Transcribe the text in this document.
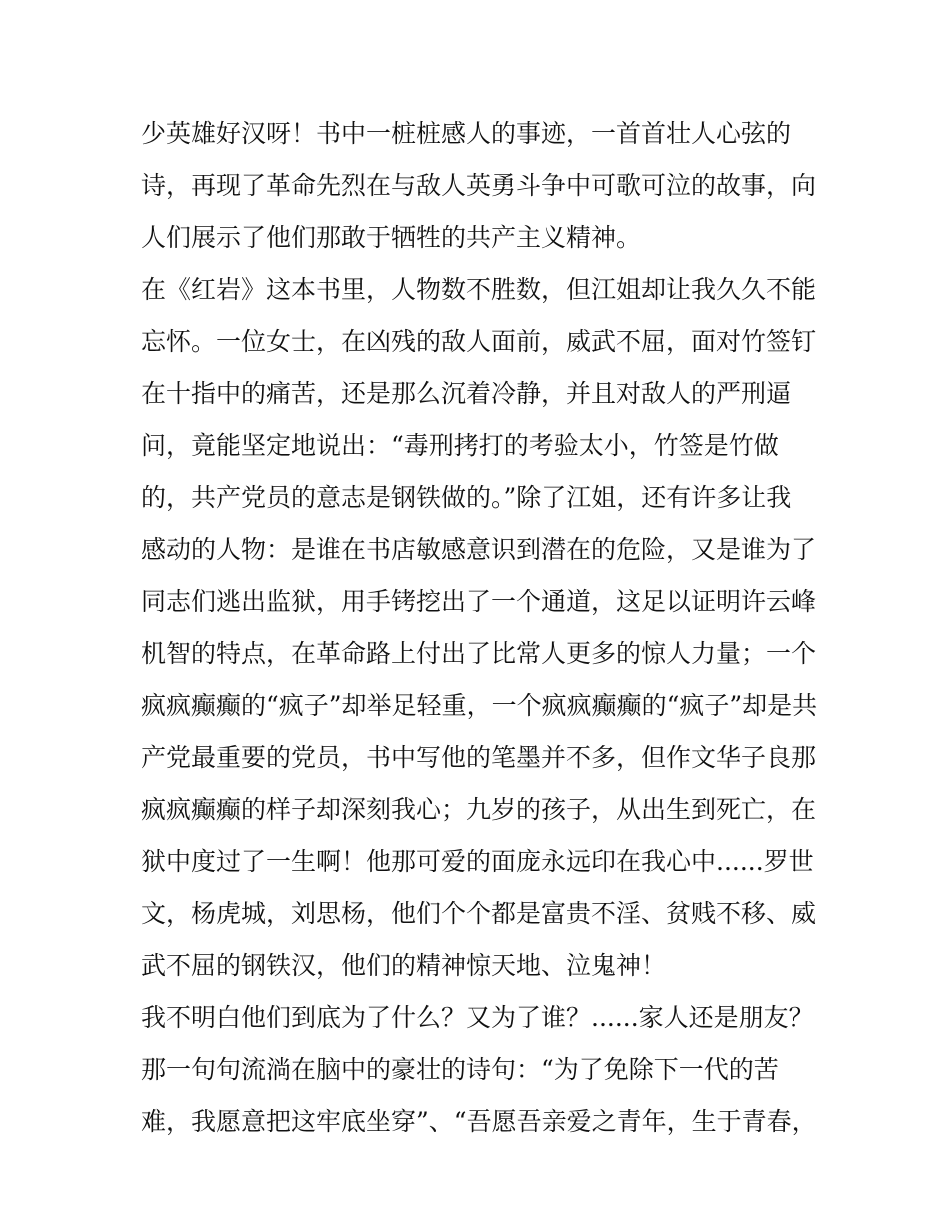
少英雄好汉呀！书中一桩桩感人的事迹，一首首壮人心弦的
诗，再现了革命先烈在与敌人英勇斗争中可歌可泣的故事，向
人们展示了他们那敢于牺牲的共产主义精神。
在《红岩》这本书里，人物数不胜数，但江姐却让我久久不能
忘怀。一位女士，在凶残的敌人面前，威武不屈，面对竹签钉
在十指中的痛苦，还是那么沉着冷静，并且对敌人的严刑逼
问，竟能坚定地说出：“毒刑拷打的考验太小，竹签是竹做
的，共产党员的意志是钢铁做的。”除了江姐，还有许多让我
感动的人物：是谁在书店敏感意识到潜在的危险，又是谁为了
同志们逃出监狱，用手铐挖出了一个通道，这足以证明许云峰
机智的特点，在革命路上付出了比常人更多的惊人力量；一个
疯疯癫癫的“疯子”却举足轻重，一个疯疯癫癫的“疯子”却是共
产党最重要的党员，书中写他的笔墨并不多，但作文华子良那
疯疯癫癫的样子却深刻我心；九岁的孩子，从出生到死亡，在
狱中度过了一生啊！他那可爱的面庞永远印在我心中......罗世
文，杨虎城，刘思杨，他们个个都是富贵不淫、贫贱不移、威
武不屈的钢铁汉，他们的精神惊天地、泣鬼神！
我不明白他们到底为了什么？又为了谁？......家人还是朋友？
那一句句流淌在脑中的豪壮的诗句：“为了免除下一代的苦
难，我愿意把这牢底坐穿”、“吾愿吾亲爱之青年，生于青春，
